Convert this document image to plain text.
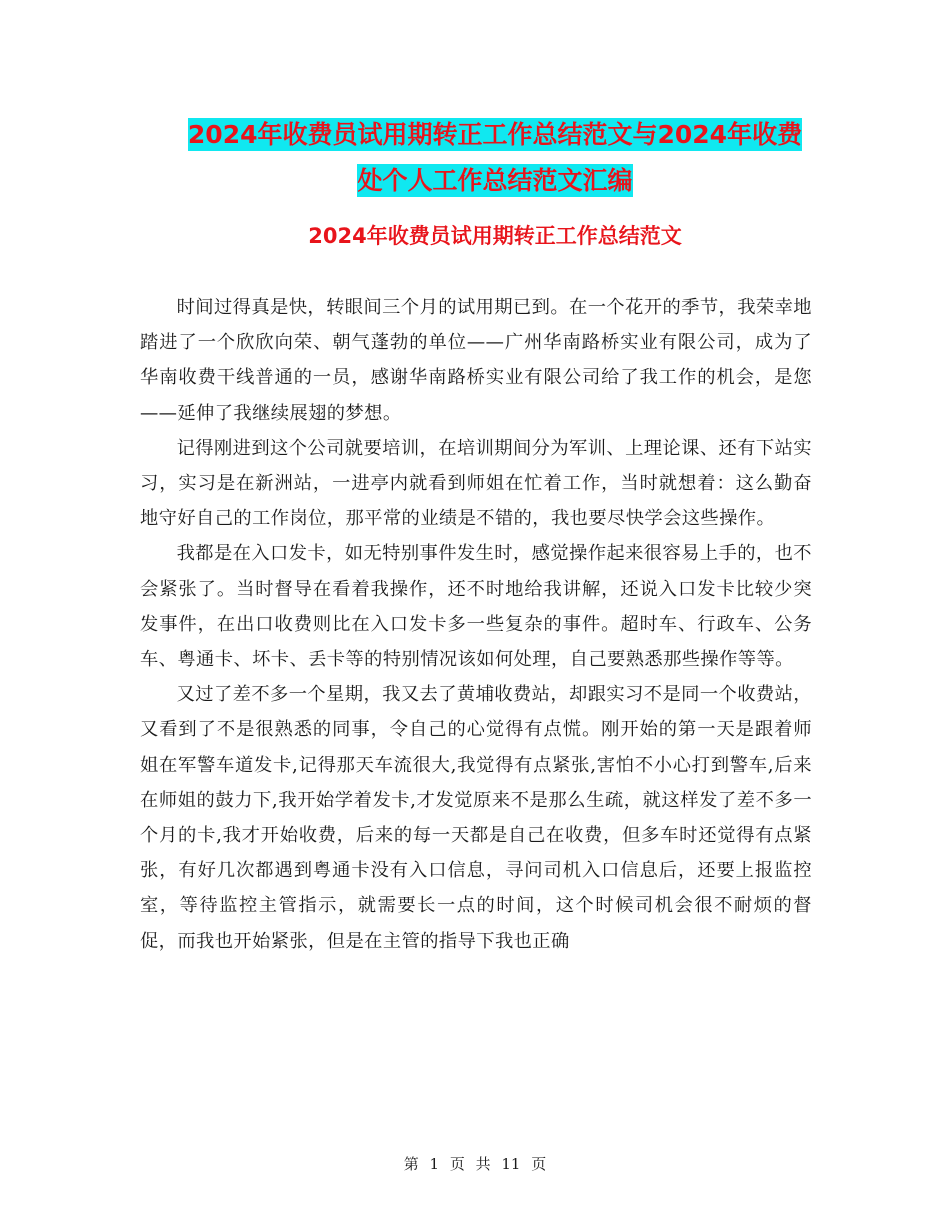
2024年收费员试用期转正工作总结范文与2024年收费
处个人工作总结范文汇编
2024年收费员试用期转正工作总结范文

时间过得真是快，转眼间三个月的试用期已到。在一个花开的季节，我荣幸地踏进了一个欣欣向荣、朝气蓬勃的单位——广州华南路桥实业有限公司，成为了华南收费干线普通的一员，感谢华南路桥实业有限公司给了我工作的机会，是您——延伸了我继续展翅的梦想。

记得刚进到这个公司就要培训，在培训期间分为军训、上理论课、还有下站实习，实习是在新洲站，一进亭内就看到师姐在忙着工作，当时就想着：这么勤奋地守好自己的工作岗位，那平常的业绩是不错的，我也要尽快学会这些操作。

我都是在入口发卡，如无特别事件发生时，感觉操作起来很容易上手的，也不会紧张了。当时督导在看着我操作，还不时地给我讲解，还说入口发卡比较少突发事件，在出口收费则比在入口发卡多一些复杂的事件。超时车、行政车、公务车、粤通卡、坏卡、丢卡等的特别情况该如何处理，自己要熟悉那些操作等等。

又过了差不多一个星期，我又去了黄埔收费站，却跟实习不是同一个收费站，又看到了不是很熟悉的同事，令自己的心觉得有点慌。刚开始的第一天是跟着师姐在军警车道发卡,记得那天车流很大,我觉得有点紧张,害怕不小心打到警车,后来在师姐的鼓力下,我开始学着发卡,才发觉原来不是那么生疏，就这样发了差不多一个月的卡,我才开始收费，后来的每一天都是自己在收费，但多车时还觉得有点紧张，有好几次都遇到粤通卡没有入口信息，寻问司机入口信息后，还要上报监控室，等待监控主管指示，就需要长一点的时间，这个时候司机会很不耐烦的督促，而我也开始紧张，但是在主管的指导下我也正确

第 1 页 共 11 页
